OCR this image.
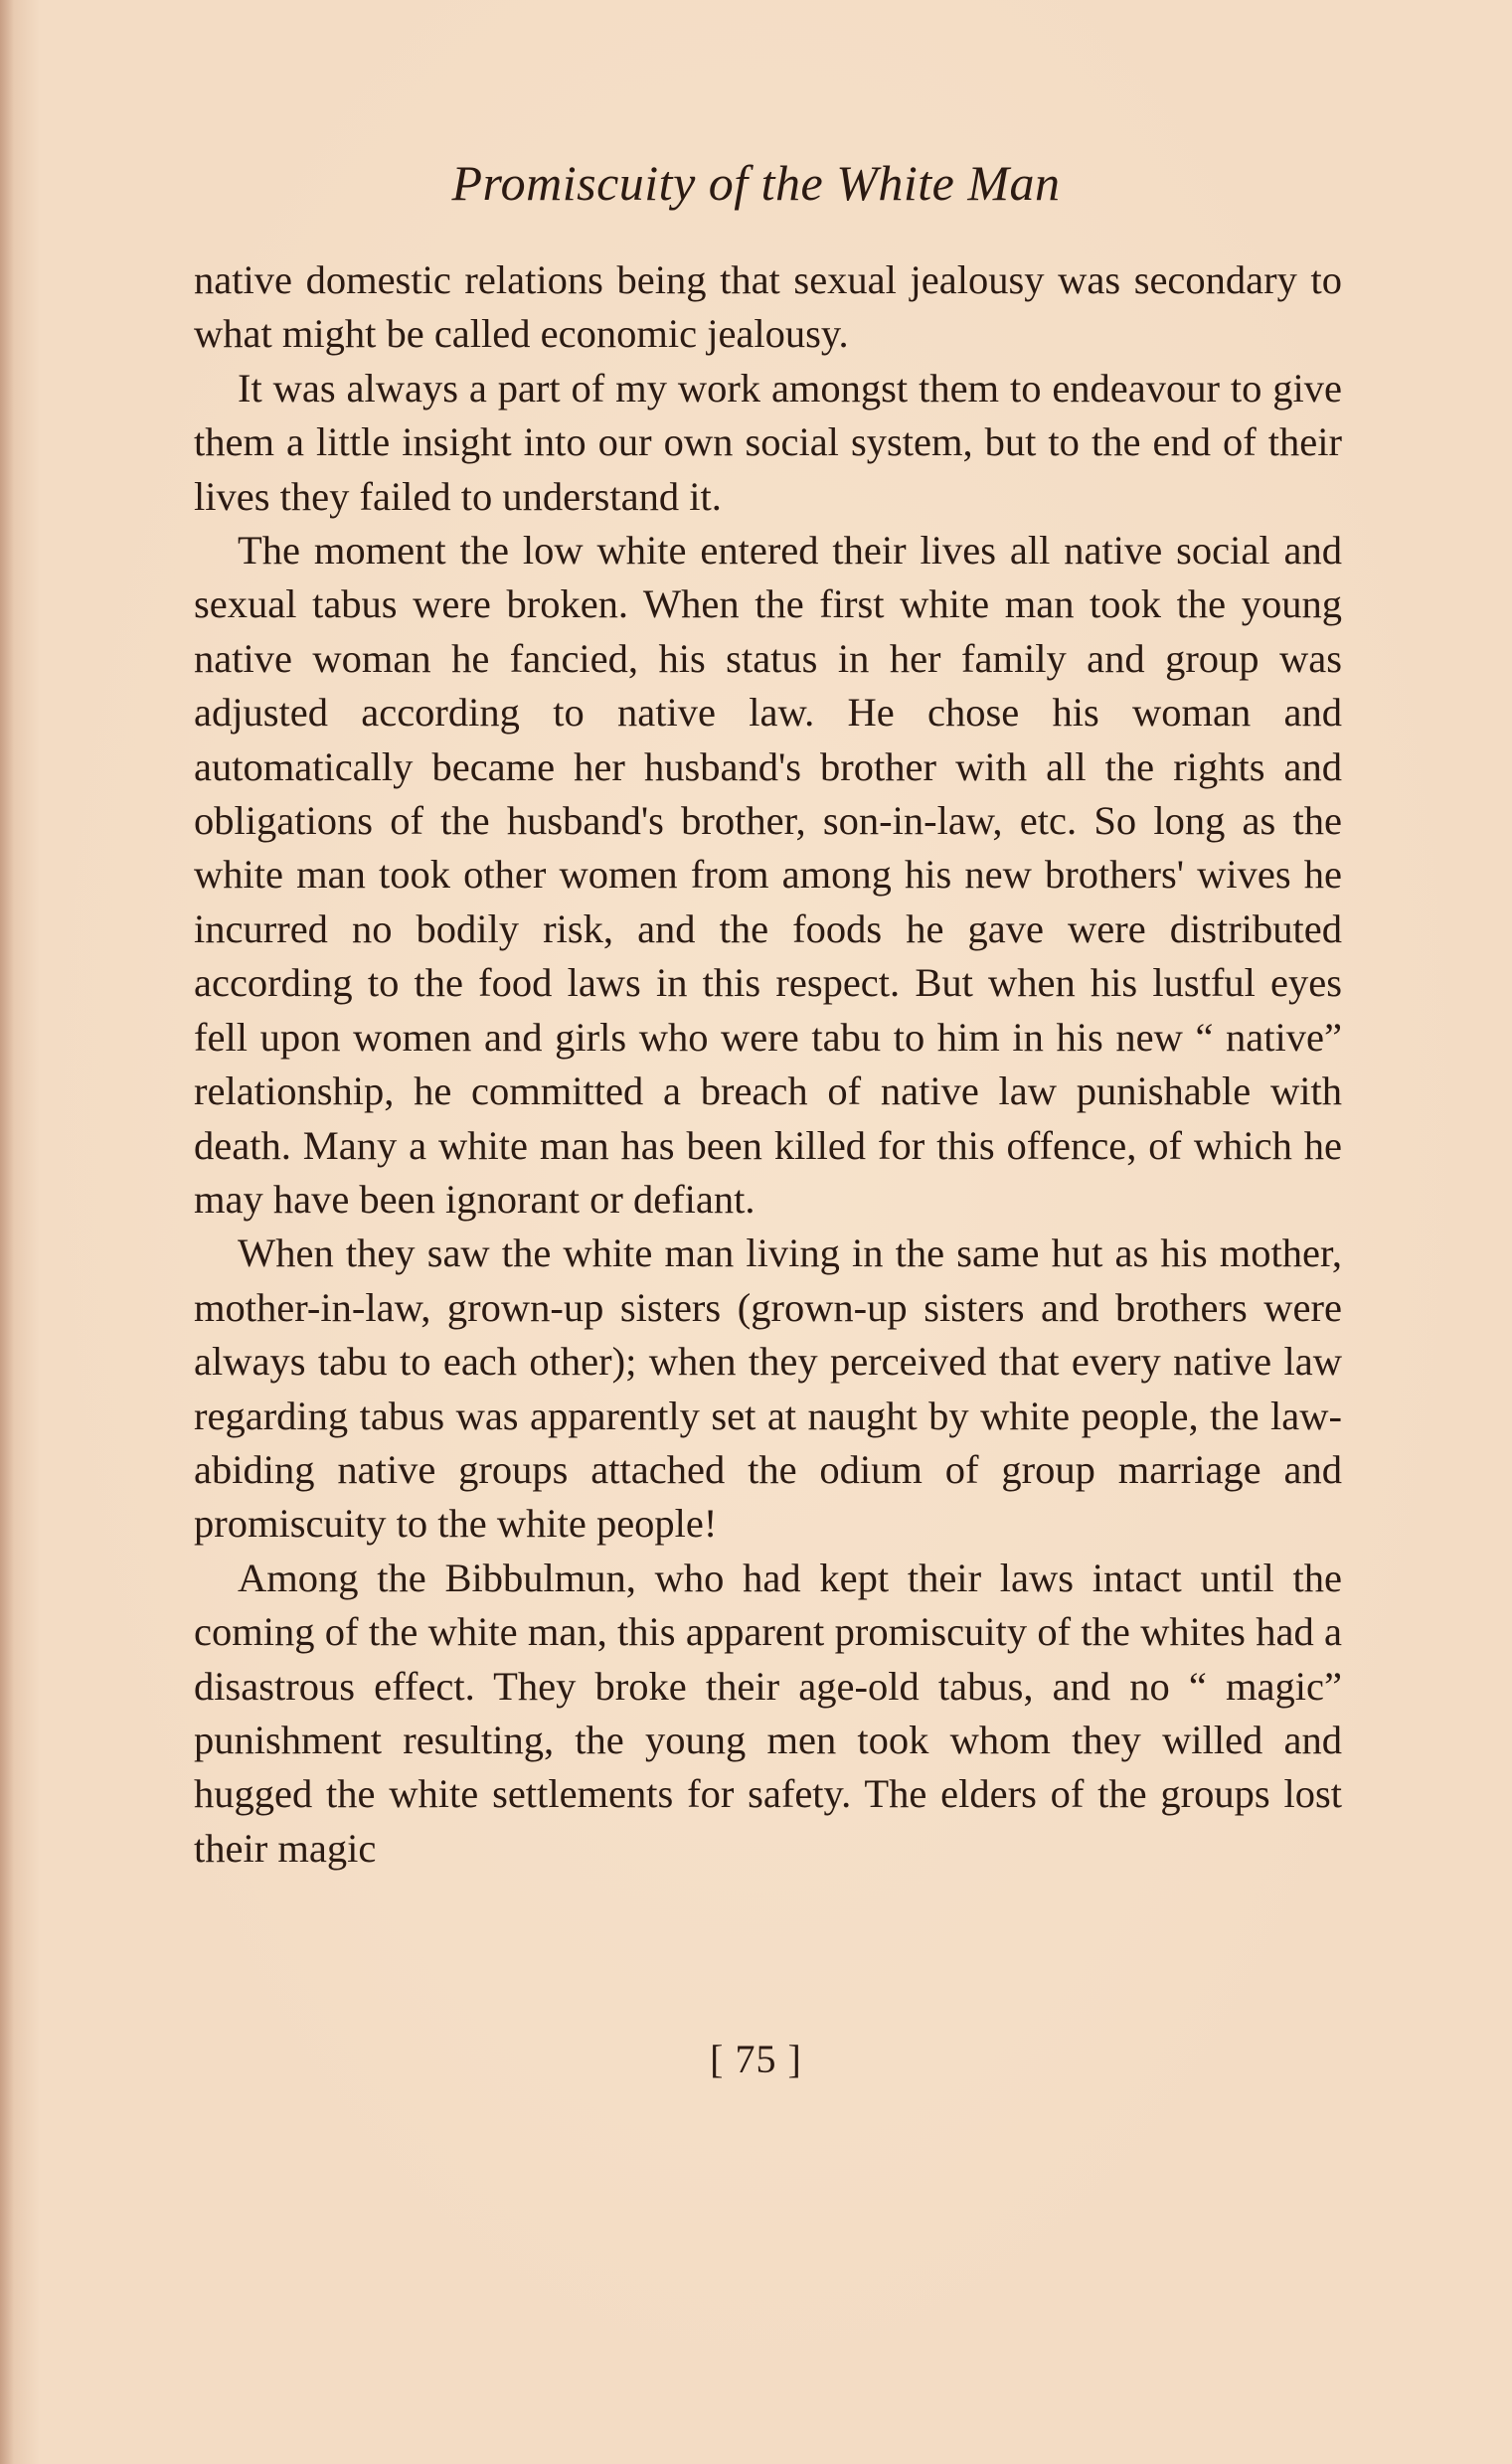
Promiscuity of the White Man

native domestic relations being that sexual jealousy was secondary to what might be called economic jealousy.

It was always a part of my work amongst them to endeavour to give them a little insight into our own social system, but to the end of their lives they failed to understand it.

The moment the low white entered their lives all native social and sexual tabus were broken. When the first white man took the young native woman he fancied, his status in her family and group was adjusted according to native law. He chose his woman and automatically became her husband's brother with all the rights and obligations of the husband's brother, son-in-law, etc. So long as the white man took other women from among his new brothers' wives he incurred no bodily risk, and the foods he gave were distributed according to the food laws in this respect. But when his lustful eyes fell upon women and girls who were tabu to him in his new “ native” relationship, he committed a breach of native law punishable with death. Many a white man has been killed for this offence, of which he may have been ignorant or defiant.

When they saw the white man living in the same hut as his mother, mother-in-law, grown-up sisters (grown-up sisters and brothers were always tabu to each other); when they perceived that every native law regarding tabus was apparently set at naught by white people, the law-abiding native groups attached the odium of group marriage and promiscuity to the white people!

Among the Bibbulmun, who had kept their laws intact until the coming of the white man, this apparent promiscuity of the whites had a disastrous effect. They broke their age-old tabus, and no “ magic” punishment resulting, the young men took whom they willed and hugged the white settlements for safety. The elders of the groups lost their magic

[ 75 ]
